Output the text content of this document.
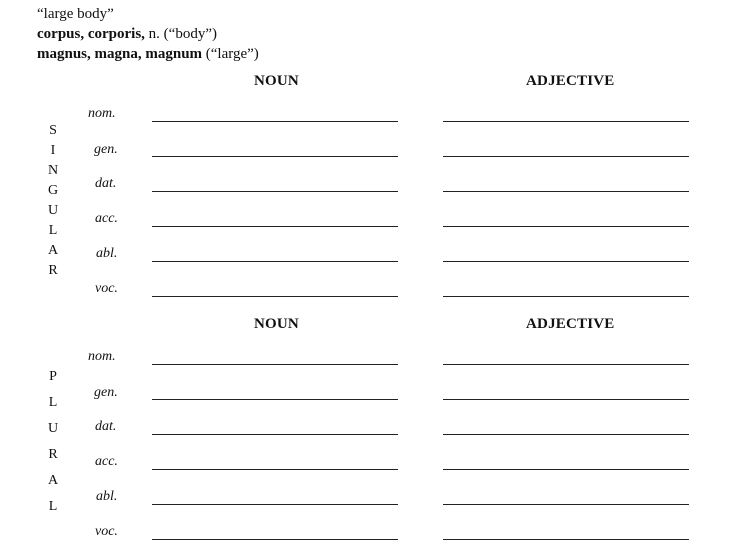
“large body”
corpus, corporis, n. (“body”)
magnus, magna, magnum (“large”)
NOUN	ADJECTIVE
S
I
N
G
U
L
A
R
nom.
gen.
dat.
acc.
abl.
voc.
NOUN	ADJECTIVE
P
L
U
R
A
L
nom.
gen.
dat.
acc.
abl.
voc.
